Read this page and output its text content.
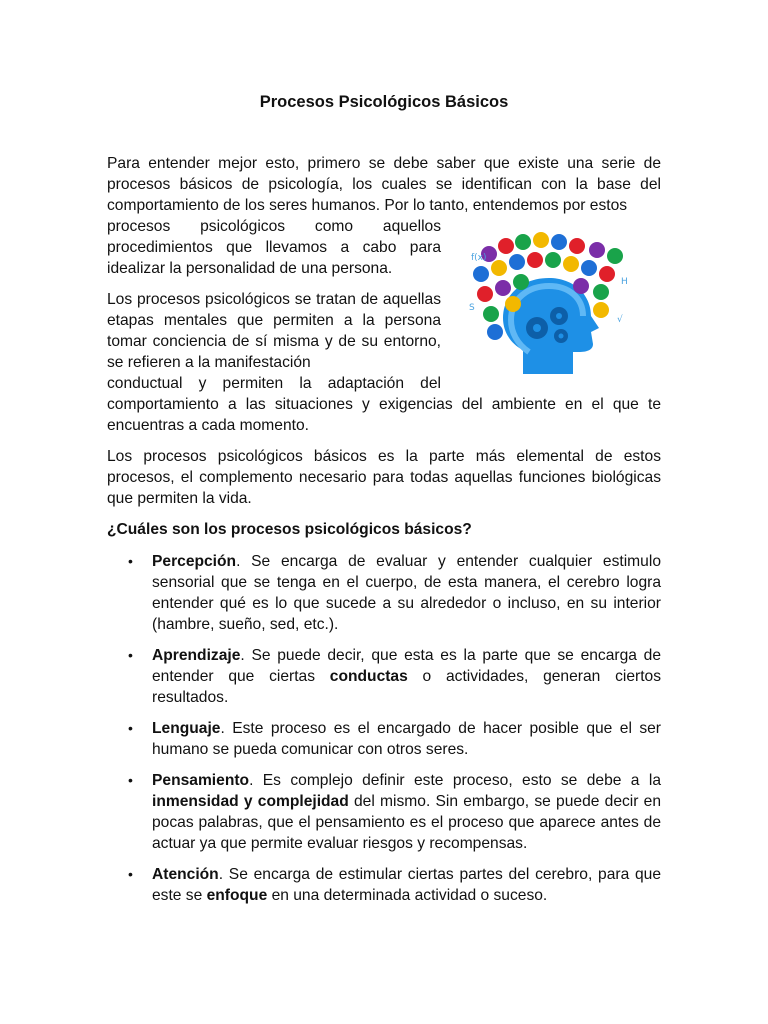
Procesos Psicológicos Básicos

Para entender mejor esto, primero se debe saber que existe una serie de procesos básicos de psicología, los cuales se identifican con la base del comportamiento de los seres humanos. Por lo tanto, entendemos por estos

f(x)
H
√
S

procesos psicológicos como aquellos procedimientos que llevamos a cabo para idealizar la personalidad de una persona.

Los procesos psicológicos se tratan de aquellas etapas mentales que permiten a la persona tomar conciencia de sí misma y de su entorno, se refieren a la manifestación

conductual y permiten la adaptación del comportamiento a las situaciones y exigencias del ambiente en el que te encuentras a cada momento.

Los procesos psicológicos básicos es la parte más elemental de estos procesos, el complemento necesario para todas aquellas funciones biológicas que permiten la vida.

¿Cuáles son los procesos psicológicos básicos?

• Percepción. Se encarga de evaluar y entender cualquier estimulo sensorial que se tenga en el cuerpo, de esta manera, el cerebro logra entender qué es lo que sucede a su alrededor o incluso, en su interior (hambre, sueño, sed, etc.).
• Aprendizaje. Se puede decir, que esta es la parte que se encarga de entender que ciertas conductas o actividades, generan ciertos resultados.
• Lenguaje. Este proceso es el encargado de hacer posible que el ser humano se pueda comunicar con otros seres.
• Pensamiento. Es complejo definir este proceso, esto se debe a la inmensidad y complejidad del mismo. Sin embargo, se puede decir en pocas palabras, que el pensamiento es el proceso que aparece antes de actuar ya que permite evaluar riesgos y recompensas.
• Atención. Se encarga de estimular ciertas partes del cerebro, para que este se enfoque en una determinada actividad o suceso.
